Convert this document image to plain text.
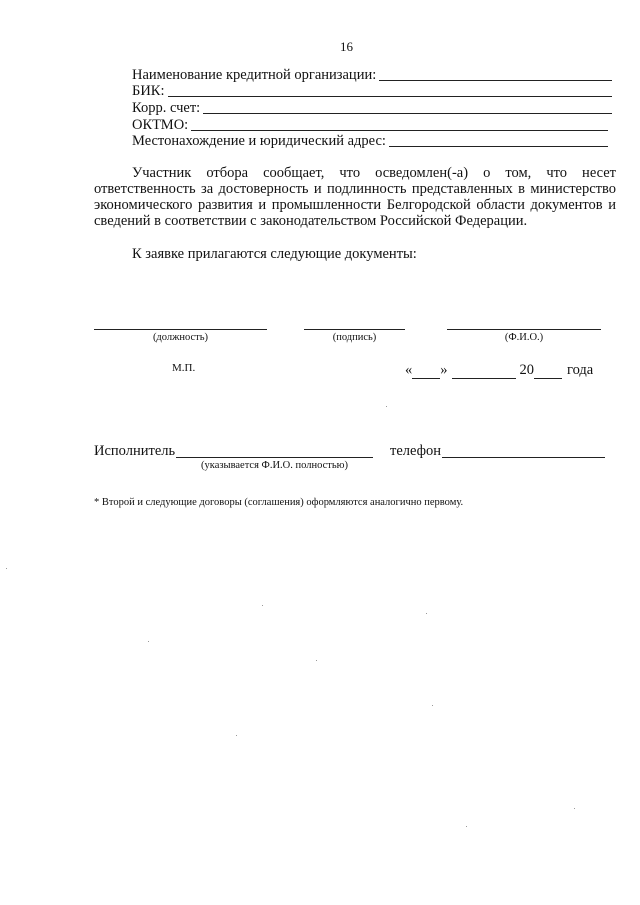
16
Наименование кредитной организации:
БИК:
Корр. счет:
ОКТМО:
Местонахождение и юридический адрес:

Участник отбора сообщает, что осведомлен(-а) о том, что несет ответственность за достоверность и подлинность представленных в министерство экономического развития и промышленности Белгородской области документов и сведений в соответствии с законодательством Российской Федерации.

К заявке прилагаются следующие документы:
(должность)	(подпись)	(Ф.И.О.)
М.П.	« »	20 года
Исполнитель
(указывается Ф.И.О. полностью)
телефон
* Второй и следующие договоры (соглашения) оформляются аналогично первому.
